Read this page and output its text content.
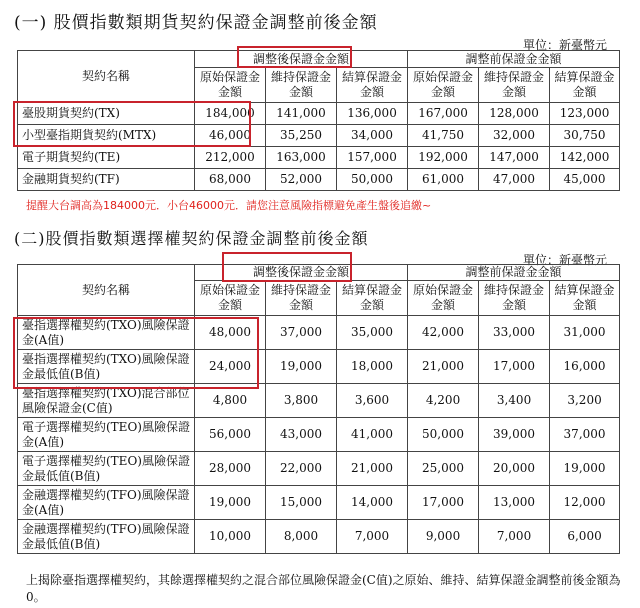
(一) 股價指數類期貨契約保證金調整前後金額
單位：新臺幣元
契約名稱	調整後保證金金額			調整前保證金金額		
	原始保證金金額	維持保證金金額	結算保證金金額	原始保證金金額	維持保證金金額	結算保證金金額

臺股期貨契約(TX)	184,000	141,000	136,000	167,000	128,000	123,000
小型臺指期貨契約(MTX)	46,000	35,250	34,000	41,750	32,000	30,750
電子期貨契約(TE)	212,000	163,000	157,000	192,000	147,000	142,000
金融期貨契約(TF)	68,000	52,000	50,000	61,000	47,000	45,000
提醒大台調高為184000元．小台46000元．請您注意風險指標避免產生盤後追繳~
(二)股價指數類選擇權契約保證金調整前後金額
單位：新臺幣元
契約名稱	調整後保證金金額			調整前保證金金額		
	原始保證金金額	維持保證金金額	結算保證金金額	原始保證金金額	維持保證金金額	結算保證金金額

臺指選擇權契約(TXO)風險保證金(A值)	48,000	37,000	35,000	42,000	33,000	31,000
臺指選擇權契約(TXO)風險保證金最低值(B值)	24,000	19,000	18,000	21,000	17,000	16,000
臺指選擇權契約(TXO)混合部位風險保證金(C值)	4,800	3,800	3,600	4,200	3,400	3,200
電子選擇權契約(TEO)風險保證金(A值)	56,000	43,000	41,000	50,000	39,000	37,000
電子選擇權契約(TEO)風險保證金最低值(B值)	28,000	22,000	21,000	25,000	20,000	19,000
金融選擇權契約(TFO)風險保證金(A值)	19,000	15,000	14,000	17,000	13,000	12,000
金融選擇權契約(TFO)風險保證金最低值(B值)	10,000	8,000	7,000	9,000	7,000	6,000
上揭除臺指選擇權契約，其餘選擇權契約之混合部位風險保證金(C值)之原始、維持、結算保證金調整前後金額為0。
